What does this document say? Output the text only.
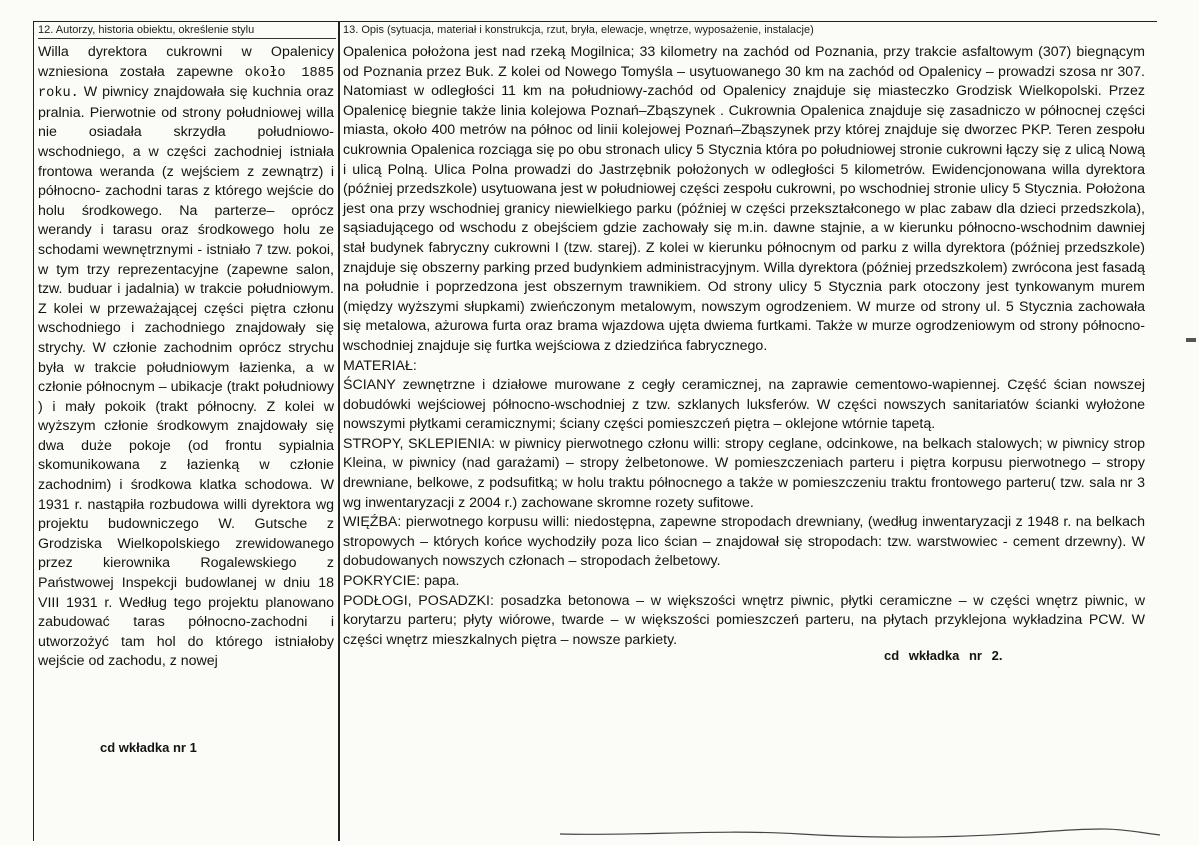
12. Autorzy, historia obiektu, określenie stylu	13. Opis (sytuacja, materiał i konstrukcja, rzut, bryła, elewacje, wnętrze, wyposażenie, instalacje)

Willa dyrektora cukrowni w Opalenicy wzniesiona została zapewne około 1885 roku. W piwnicy znajdowała się kuchnia oraz pralnia. Pierwotnie od strony południowej willa nie osiadała skrzydła południowo-wschodniego, a w części zachodniej istniała frontowa weranda (z wejściem z zewnątrz) i północno- zachodni taras z którego wejście do holu środkowego. Na parterze– oprócz werandy i tarasu oraz środkowego holu ze schodami wewnętrznymi - istniało 7 tzw. pokoi, w tym trzy reprezentacyjne (zapewne salon, tzw. buduar i jadalnia) w trakcie południowym. Z kolei w przeważającej części piętra członu wschodniego i zachodniego znajdowały się strychy. W członie zachodnim oprócz strychu była w trakcie południowym łazienka, a w członie północnym – ubikacje (trakt południowy ) i mały pokoik (trakt północny. Z kolei w wyższym członie środkowym znajdowały się dwa duże pokoje (od frontu sypialnia skomunikowana z łazienką w członie zachodnim) i środkowa klatka schodowa. W 1931 r. nastąpiła rozbudowa willi dyrektora wg projektu budowniczego W. Gutsche z Grodziska Wielkopolskiego zrewidowanego przez kierownika Rogalewskiego z Państwowej Inspekcji budowlanej w dniu 18 VIII 1931 r. Według tego projektu planowano zabudować taras północno-zachodni i utworzożyć tam hol do którego istniałoby wejście od zachodu, z nowej

cd wkładka nr 1

Opalenica położona jest nad rzeką Mogilnica; 33 kilometry na zachód od Poznania, przy trakcie asfaltowym (307) biegnącym od Poznania przez Buk. Z kolei od Nowego Tomyśla – usytuowanego 30 km na zachód od Opalenicy – prowadzi szosa nr 307. Natomiast w odległości 11 km na południowy-zachód od Opalenicy znajduje się miasteczko Grodzisk Wielkopolski. Przez Opalenicę biegnie także linia kolejowa Poznań–Zbąszynek . Cukrownia Opalenica znajduje się zasadniczo w północnej części miasta, około 400 metrów na północ od linii kolejowej Poznań–Zbąszynek przy której znajduje się dworzec PKP. Teren zespołu cukrownia Opalenica rozciąga się po obu stronach ulicy 5 Stycznia która po południowej stronie cukrowni łączy się z ulicą Nową i ulicą Polną. Ulica Polna prowadzi do Jastrzębnik położonych w odległości 5 kilometrów. Ewidencjonowana willa dyrektora (później przedszkole) usytuowana jest w południowej części zespołu cukrowni, po wschodniej stronie ulicy 5 Stycznia. Położona jest ona przy wschodniej granicy niewielkiego parku (później w części przekształconego w plac zabaw dla dzieci przedszkola), sąsiadującego od wschodu z obejściem gdzie zachowały się m.in. dawne stajnie, a w kierunku północno-wschodnim dawniej stał budynek fabryczny cukrowni I (tzw. starej). Z kolei w kierunku północnym od parku z willa dyrektora (później przedszkole) znajduje się obszerny parking przed budynkiem administracyjnym. Willa dyrektora (później przedszkolem) zwrócona jest fasadą na południe i poprzedzona jest obszernym trawnikiem. Od strony ulicy 5 Stycznia park otoczony jest tynkowanym murem (między wyższymi słupkami) zwieńczonym metalowym, nowszym ogrodzeniem. W murze od strony ul. 5 Stycznia zachowała się metalowa, ażurowa furta oraz brama wjazdowa ujęta dwiema furtkami. Także w murze ogrodzeniowym od strony północno-wschodniej znajduje się furtka wejściowa z dziedzińca fabrycznego.

MATERIAŁ:

ŚCIANY zewnętrzne i działowe murowane z cegły ceramicznej, na zaprawie cementowo-wapiennej. Część ścian nowszej dobudówki wejściowej północno-wschodniej z tzw. szklanych luksferów. W części nowszych sanitariatów ścianki wyłożone nowszymi płytkami ceramicznymi; ściany części pomieszczeń piętra – oklejone wtórnie tapetą.

STROPY, SKLEPIENIA: w piwnicy pierwotnego członu willi: stropy ceglane, odcinkowe, na belkach stalowych; w piwnicy strop Kleina, w piwnicy (nad garażami) – stropy żelbetonowe. W pomieszczeniach parteru i piętra korpusu pierwotnego – stropy drewniane, belkowe, z podsufitką; w holu traktu północnego a także w pomieszczeniu traktu frontowego parteru( tzw. sala nr 3 wg inwentaryzacji z 2004 r.) zachowane skromne rozety sufitowe.

WIĘŹBA: pierwotnego korpusu willi: niedostępna, zapewne stropodach drewniany, (według inwentaryzacji z 1948 r. na belkach stropowych – których końce wychodziły poza lico ścian – znajdował się stropodach: tzw. warstwowiec - cement drzewny). W dobudowanych nowszych członach – stropodach żelbetowy.

POKRYCIE: papa.

PODŁOGI, POSADZKI: posadzka betonowa – w większości wnętrz piwnic, płytki ceramiczne – w części wnętrz piwnic, w korytarzu parteru; płyty wiórowe, twarde – w większości pomieszczeń parteru, na płytach przyklejona wykładzina PCW. W części wnętrz mieszkalnych piętra – nowsze parkiety.

cd wkładka nr 2.
